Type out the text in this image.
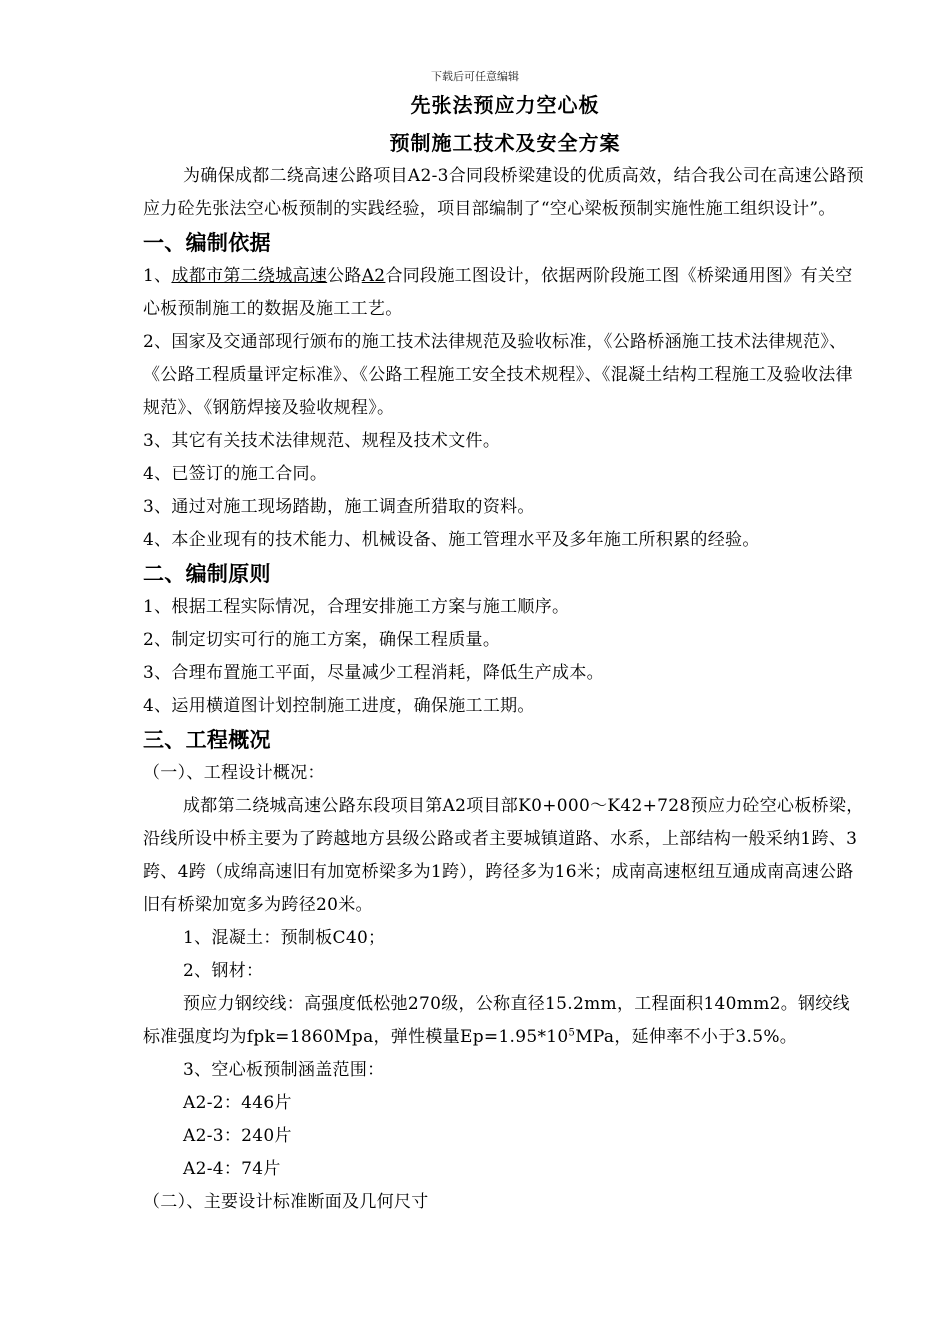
下载后可任意编辑
先张法预应力空心板
预制施工技术及安全方案

为确保成都二绕高速公路项目A2-3合同段桥梁建设的优质高效，结合我公司在高速公路预应力砼先张法空心板预制的实践经验，项目部编制了“空心梁板预制实施性施工组织设计”。

一、编制依据

1、成都市第二绕城高速公路A2合同段施工图设计，依据两阶段施工图《桥梁通用图》有关空心板预制施工的数据及施工工艺。

2、国家及交通部现行颁布的施工技术法律规范及验收标准，《公路桥涵施工技术法律规范》、《公路工程质量评定标准》、《公路工程施工安全技术规程》、《混凝土结构工程施工及验收法律规范》、《钢筋焊接及验收规程》。

3、其它有关技术法律规范、规程及技术文件。

4、已签订的施工合同。

3、通过对施工现场踏勘，施工调查所猎取的资料。

4、本企业现有的技术能力、机械设备、施工管理水平及多年施工所积累的经验。

二、编制原则

1、根据工程实际情况，合理安排施工方案与施工顺序。

2、制定切实可行的施工方案，确保工程质量。

3、合理布置施工平面，尽量减少工程消耗，降低生产成本。

4、运用横道图计划控制施工进度，确保施工工期。

三、工程概况

（一）、工程设计概况：

成都第二绕城高速公路东段项目第A2项目部K0+000～K42+728预应力砼空心板桥梁，沿线所设中桥主要为了跨越地方县级公路或者主要城镇道路、水系，上部结构一般采纳1跨、3跨、4跨（成绵高速旧有加宽桥梁多为1跨），跨径多为16米；成南高速枢纽互通成南高速公路旧有桥梁加宽多为跨径20米。

1、混凝土：预制板C40；

2、钢材：

预应力钢绞线：高强度低松弛270级，公称直径15.2mm，工程面积140mm2。钢绞线标准强度均为fpk=1860Mpa，弹性模量$Ep=1.95*10^5MPa$，延伸率不小于3.5%。

3、空心板预制涵盖范围：

A2-2：446片

A2-3：240片

A2-4：74片

（二）、主要设计标准断面及几何尺寸
